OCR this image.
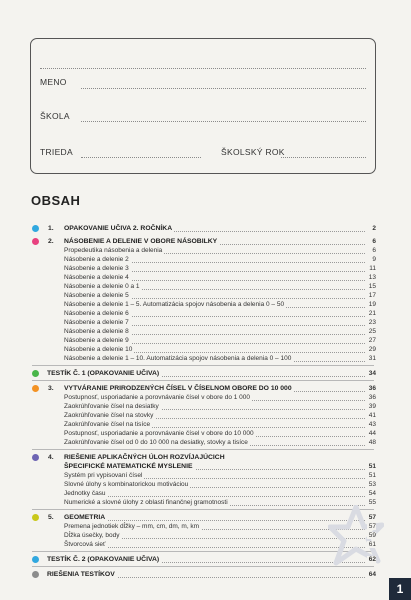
MENO
ŠKOLA
TRIEDA	ŠKOLSKÝ ROK
OBSAH
1. OPAKOVANIE UČIVA 2. ROČNÍKA	2
2. NÁSOBENIE A DELENIE V OBORE NÁSOBILKY	6
Propedeutika násobenia a delenia	6
Násobenie a delenie 2	9
Násobenie a delenie 3	11
Násobenie a delenie 4	13
Násobenie a delenie 0 a 1	15
Násobenie a delenie 5	17
Násobenie a delenie 1 – 5. Automatizácia spojov násobenia a delenia 0 – 50	19
Násobenie a delenie 6	21
Násobenie a delenie 7	23
Násobenie a delenie 8	25
Násobenie a delenie 9	27
Násobenie a delenie 10	29
Násobenie a delenie 1 – 10. Automatizácia spojov násobenia a delenia 0 – 100	31
TESTÍK Č. 1 (OPAKOVANIE UČIVA)	34
3. VYTVÁRANIE PRIRODZENÝCH ČÍSEL V ČÍSELNOM OBORE DO 10 000	36
Postupnosť, usporiadanie a porovnávanie čísel v obore do 1 000	36
Zaokrúhľovanie čísel na desiatky	39
Zaokrúhľovanie čísel na stovky	41
Zaokrúhľovanie čísel na tisíce	43
Postupnosť, usporiadanie a porovnávanie čísel v obore do 10 000	44
Zaokrúhľovanie čísel od 0 do 10 000 na desiatky, stovky a tisíce	48
4. RIEŠENIE APLIKAČNÝCH ÚLOH ROZVÍJAJÚCICH
ŠPECIFICKÉ MATEMATICKÉ MYSLENIE	51
Systém pri vypisovaní čísel	51
Slovné úlohy s kombinatorickou motiváciou	53
Jednotky času	54
Numerické a slovné úlohy z oblasti finančnej gramotnosti	55
5. GEOMETRIA	57
Premena jednotiek dĺžky – mm, cm, dm, m, km	57
Dĺžka úsečky, body	59
Štvorcová sieť	61
TESTÍK Č. 2 (OPAKOVANIE UČIVA)	62
RIEŠENIA TESTÍKOV	64
1
